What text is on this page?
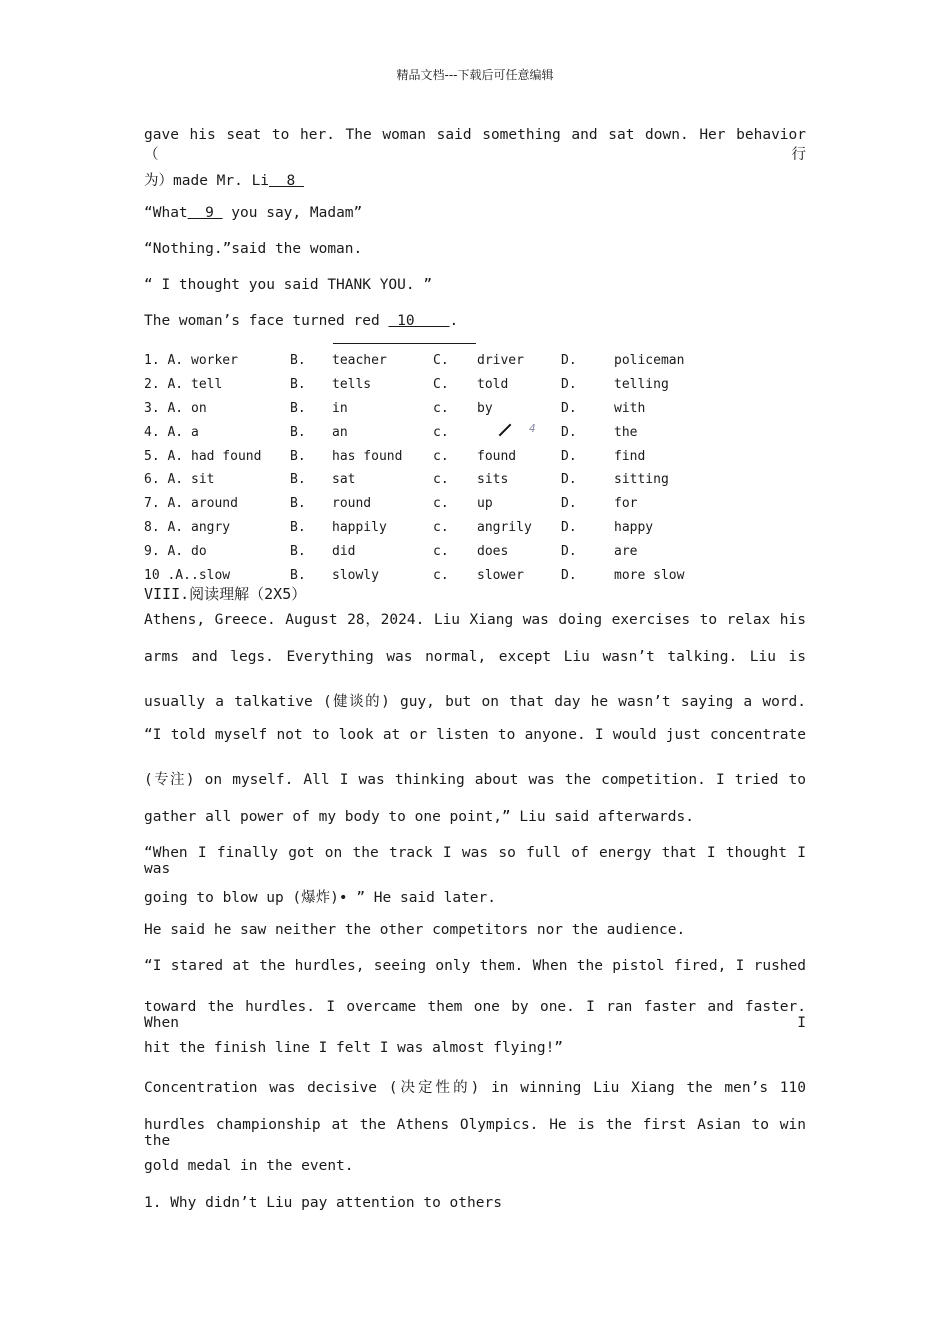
精品文档---下载后可任意编辑
gave his seat to her. The woman said something and sat down. Her behavior（行
为）made Mr. Li  8
“What  9  you say, Madam”
“Nothing.”said the woman.
“ I thought you said THANK YOU. ”
The woman’s face turned red  10    .
1. A.	worker	B.	teacher	C.	driver	D.	policeman
2. A.	tell	B.	tells	C.	told	D.	telling
3. A.	on	B.	in	c.	by	D.	with
4. A.	a	B.	an	c.	4	D.	the
5. A.	had found	B.	has found	c.	found	D.	find
6. A.	sit	B.	sat	c.	sits	D.	sitting
7. A.	around	B.	round	c.	up	D.	for
8. A.	angry	B.	happily	c.	angrily	D.	happy
9. A.	do	B.	did	c.	does	D.	are
10 .A.	.slow	B.	slowly	c.	slower	D.	more slow
VIII.阅读理解（2X5）
Athens, Greece. August 28，2024. Liu Xiang was doing exercises to relax his
arms and legs. Everything was normal, except Liu wasn’t talking. Liu is
usually a talkative (健谈的) guy, but on that day he wasn’t saying a word.
“I told myself not to look at or listen to anyone. I would just concentrate
(专注) on myself. All I was thinking about was the competition. I tried to
gather all power of my body to one point,” Liu said afterwards.
“When I finally got on the track I was so full of energy that I thought I was
going to blow up (爆炸)• ” He said later.
He said he saw neither the other competitors nor the audience.
“I stared at the hurdles, seeing only them. When the pistol fired, I rushed
toward the hurdles. I overcame them one by one. I ran faster and faster. When I
hit the finish line I felt I was almost flying!”
Concentration was decisive (决定性的) in winning Liu Xiang the men’s 110
hurdles championship at the Athens Olympics. He is the first Asian to win the
gold medal in the event.
1. Why didn’t Liu pay attention to others
